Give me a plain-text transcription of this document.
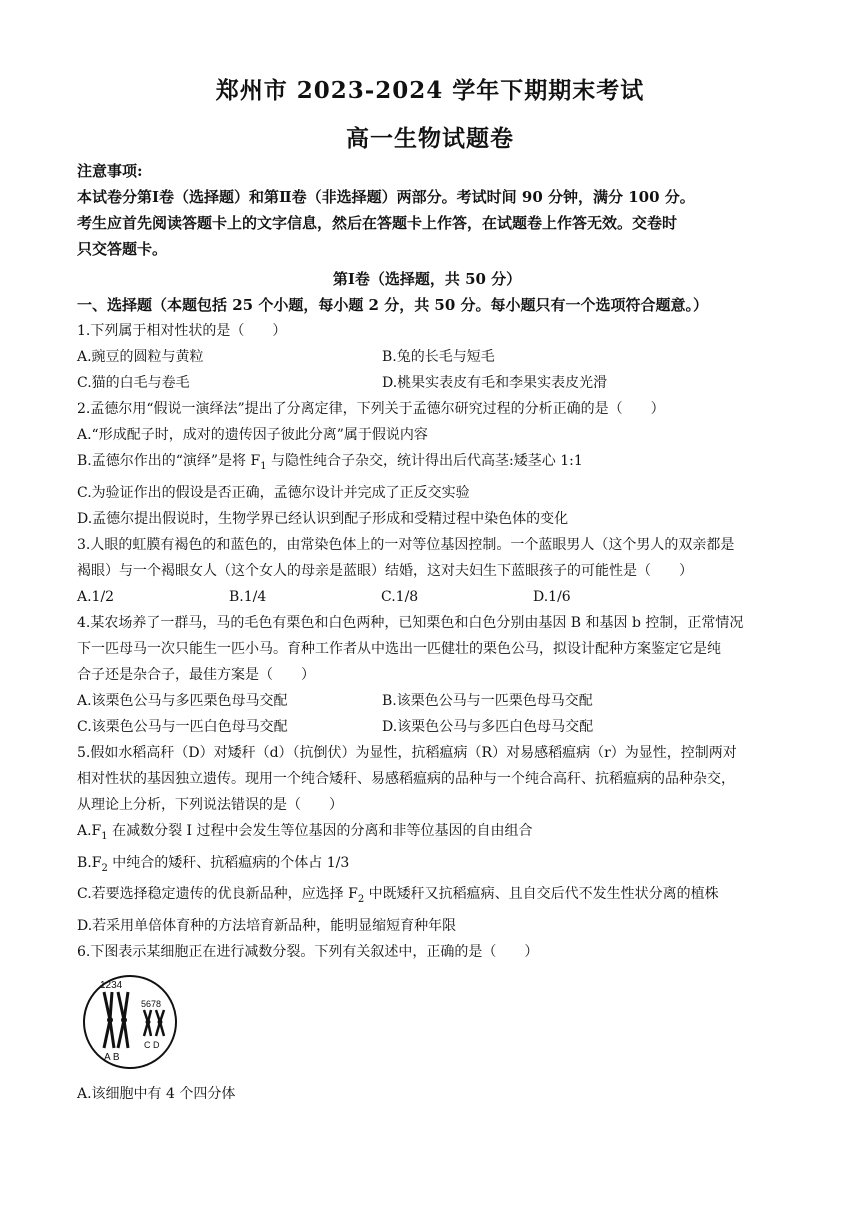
郑州市 2023-2024 学年下期期末考试
高一生物试题卷
注意事项:
本试卷分第Ⅰ卷（选择题）和第Ⅱ卷（非选择题）两部分。考试时间 90 分钟，满分 100 分。
考生应首先阅读答题卡上的文字信息，然后在答题卡上作答，在试题卷上作答无效。交卷时
只交答题卡。
第Ⅰ卷（选择题，共 50 分）
一、选择题（本题包括 25 个小题，每小题 2 分，共 50 分。每小题只有一个选项符合题意。）
1.下列属于相对性状的是（　　）
A.豌豆的圆粒与黄粒	B.兔的长毛与短毛
C.猫的白毛与卷毛	D.桃果实表皮有毛和李果实表皮光滑
2.孟德尔用“假说一演绎法”提出了分离定律，下列关于孟德尔研究过程的分析正确的是（　　）
A.“形成配子时，成对的遗传因子彼此分离”属于假说内容
B.孟德尔作出的“演绎”是将 $F_1$ 与隐性纯合子杂交，统计得出后代高茎:矮茎心 1:1
C.为验证作出的假设是否正确，孟德尔设计并完成了正反交实验
D.孟德尔提出假说时，生物学界已经认识到配子形成和受精过程中染色体的变化
3.人眼的虹膜有褐色的和蓝色的，由常染色体上的一对等位基因控制。一个蓝眼男人（这个男人的双亲都是
褐眼）与一个褐眼女人（这个女人的母亲是蓝眼）结婚，这对夫妇生下蓝眼孩子的可能性是（　　）
A.1/2	B.1/4	C.1/8	D.1/6
4.某农场养了一群马，马的毛色有栗色和白色两种，已知栗色和白色分别由基因 B 和基因 b 控制，正常情况
下一匹母马一次只能生一匹小马。育种工作者从中选出一匹健壮的栗色公马，拟设计配种方案鉴定它是纯
合子还是杂合子，最佳方案是（　　）
A.该栗色公马与多匹栗色母马交配	B.该栗色公马与一匹栗色母马交配
C.该栗色公马与一匹白色母马交配	D.该栗色公马与多匹白色母马交配
5.假如水稻高秆（D）对矮秆（d）（抗倒伏）为显性，抗稻瘟病（R）对易感稻瘟病（r）为显性，控制两对
相对性状的基因独立遗传。现用一个纯合矮秆、易感稻瘟病的品种与一个纯合高秆、抗稻瘟病的品种杂交，
从理论上分析，下列说法错误的是（　　）
$A.F_1$ 在减数分裂 I 过程中会发生等位基因的分离和非等位基因的自由组合
$B.F_2$ 中纯合的矮秆、抗稻瘟病的个体占 1/3
C.若要选择稳定遗传的优良新品种，应选择 $F_2$ 中既矮秆又抗稻瘟病、且自交后代不发生性状分离的植株
D.若采用单倍体育种的方法培育新品种，能明显缩短育种年限
6.下图表示某细胞正在进行减数分裂。下列有关叙述中，正确的是（　　）
1234
5678
A B
C D
A.该细胞中有 4 个四分体
